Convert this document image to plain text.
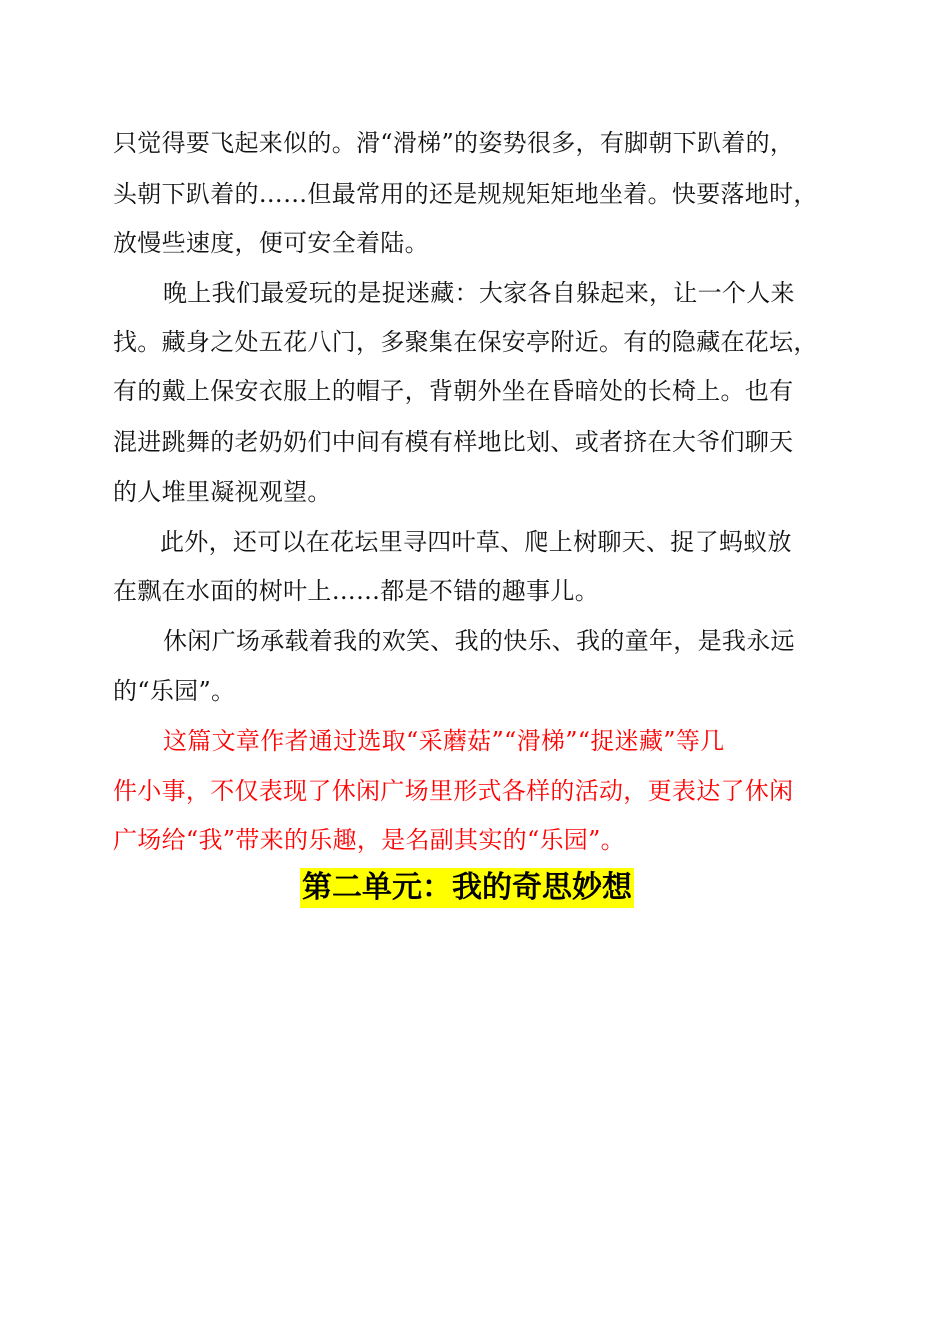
只觉得要飞起来似的。滑“滑梯”的姿势很多，有脚朝下趴着的，
头朝下趴着的……但最常用的还是规规矩矩地坐着。快要落地时，
放慢些速度，便可安全着陆。
晚上我们最爱玩的是捉迷藏：大家各自躲起来，让一个人来
找。藏身之处五花八门，多聚集在保安亭附近。有的隐藏在花坛，
有的戴上保安衣服上的帽子，背朝外坐在昏暗处的长椅上。也有
混进跳舞的老奶奶们中间有模有样地比划、或者挤在大爷们聊天
的人堆里凝视观望。
此外，还可以在花坛里寻四叶草、爬上树聊天、捉了蚂蚁放
在飘在水面的树叶上……都是不错的趣事儿。
休闲广场承载着我的欢笑、我的快乐、我的童年，是我永远
的“乐园”。
这篇文章作者通过选取“采蘑菇”“滑梯”“捉迷藏”等几
件小事，不仅表现了休闲广场里形式各样的活动，更表达了休闲
广场给“我”带来的乐趣，是名副其实的“乐园”。
第二单元：我的奇思妙想
